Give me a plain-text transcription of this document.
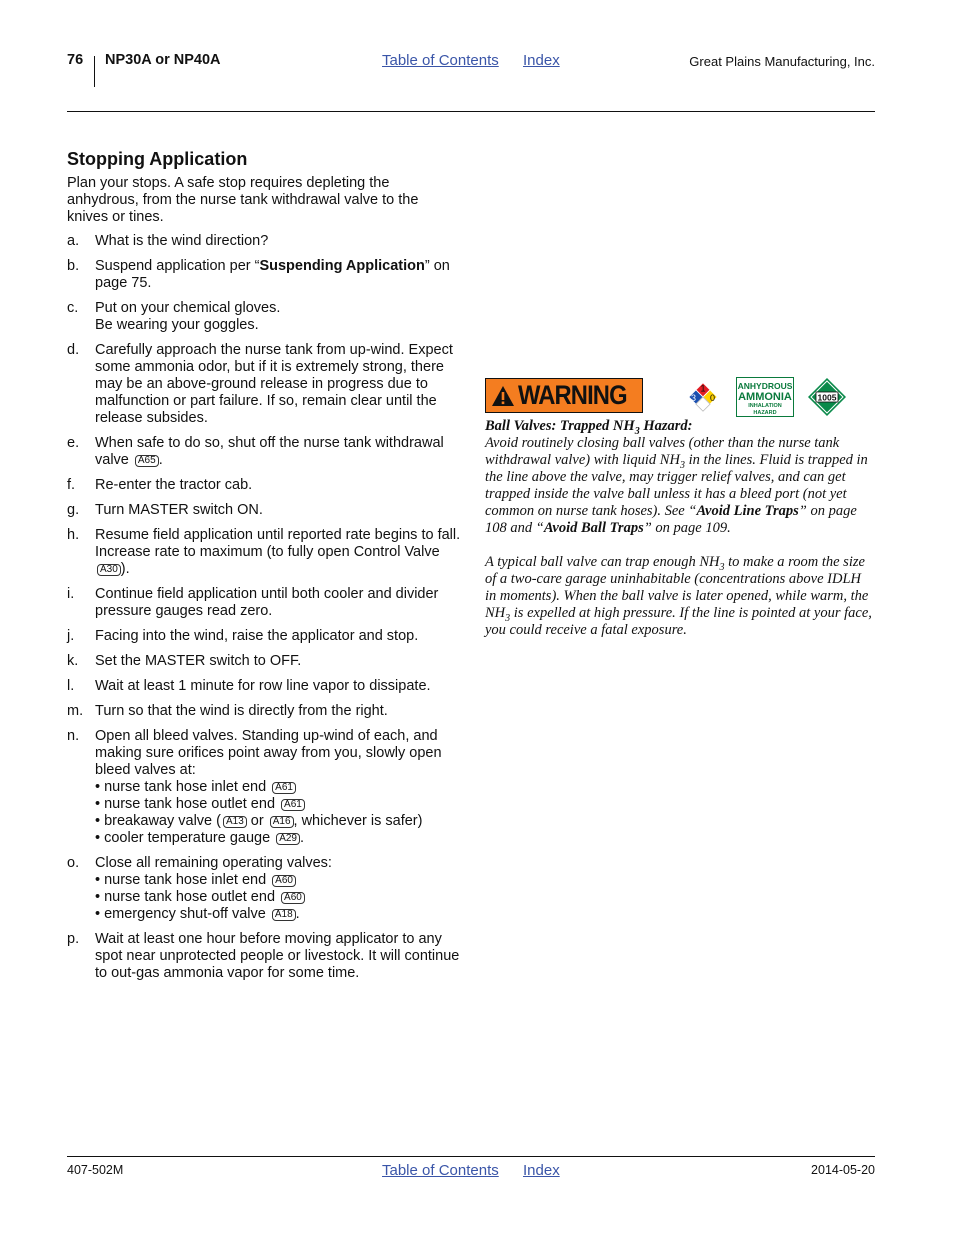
76 NP30A or NP40A	Table of Contents Index	Great Plains Manufacturing, Inc.
Stopping Application
Plan your stops. A safe stop requires depleting the anhydrous, from the nurse tank withdrawal valve to the knives or tines.
a.	What is the wind direction?
b.	Suspend application per “Suspending Application” on page 75.
c.	Put on your chemical gloves.
Be wearing your goggles.
d.	Carefully approach the nurse tank from up-wind. Expect some ammonia odor, but if it is extremely strong, there may be an above-ground release in progress due to malfunction or part failure. If so, remain clear until the release subsides.
e.	When safe to do so, shut off the nurse tank withdrawal valve A65 .
f.	Re-enter the tractor cab.
g.	Turn MASTER switch ON.
h.	Resume field application until reported rate begins to fall. Increase rate to maximum (to fully open Control Valve A30 ).
i.	Continue field application until both cooler and divider pressure gauges read zero.
j.	Facing into the wind, raise the applicator and stop.
k.	Set the MASTER switch to OFF.
l.	Wait at least 1 minute for row line vapor to dissipate.
m. Turn so that the wind is directly from the right.
n.	Open all bleed valves. Standing up-wind of each, and making sure orifices point away from you, slowly open bleed valves at:
• nurse tank hose inlet end A61
• nurse tank hose outlet end A61
• breakaway valve ( A13 or A16 , whichever is safer)
• cooler temperature gauge A29 .
o.	Close all remaining operating valves:
• nurse tank hose inlet end A60
• nurse tank hose outlet end A60
• emergency shut-off valve A18 .
p.	Wait at least one hour before moving applicator to any spot near unprotected people or livestock. It will continue to out-gas ammonia vapor for some time.
WARNING	1
3 0
ANHYDROUS
AMMONIA
INHALATION HAZARD
1005

Ball Valves: Trapped $NH_3$ Hazard:
Avoid routinely closing ball valves (other than the nurse tank withdrawal valve) with liquid $NH_3$ in the lines. Fluid is trapped in the line above the valve, may trigger relief valves, and can get trapped inside the valve ball unless it has a bleed port (not yet common on nurse tank hoses). See “Avoid Line Traps” on page 108 and “Avoid Ball Traps” on page 109.

A typical ball valve can trap enough $NH_3$ to make a room the size of a two-care garage uninhabitable (concentrations above IDLH in moments). When the ball valve is later opened, while warm, the $NH_3$ is expelled at high pressure. If the line is pointed at your face, you could receive a fatal exposure.

407-502M	Table of Contents Index	2014-05-20
